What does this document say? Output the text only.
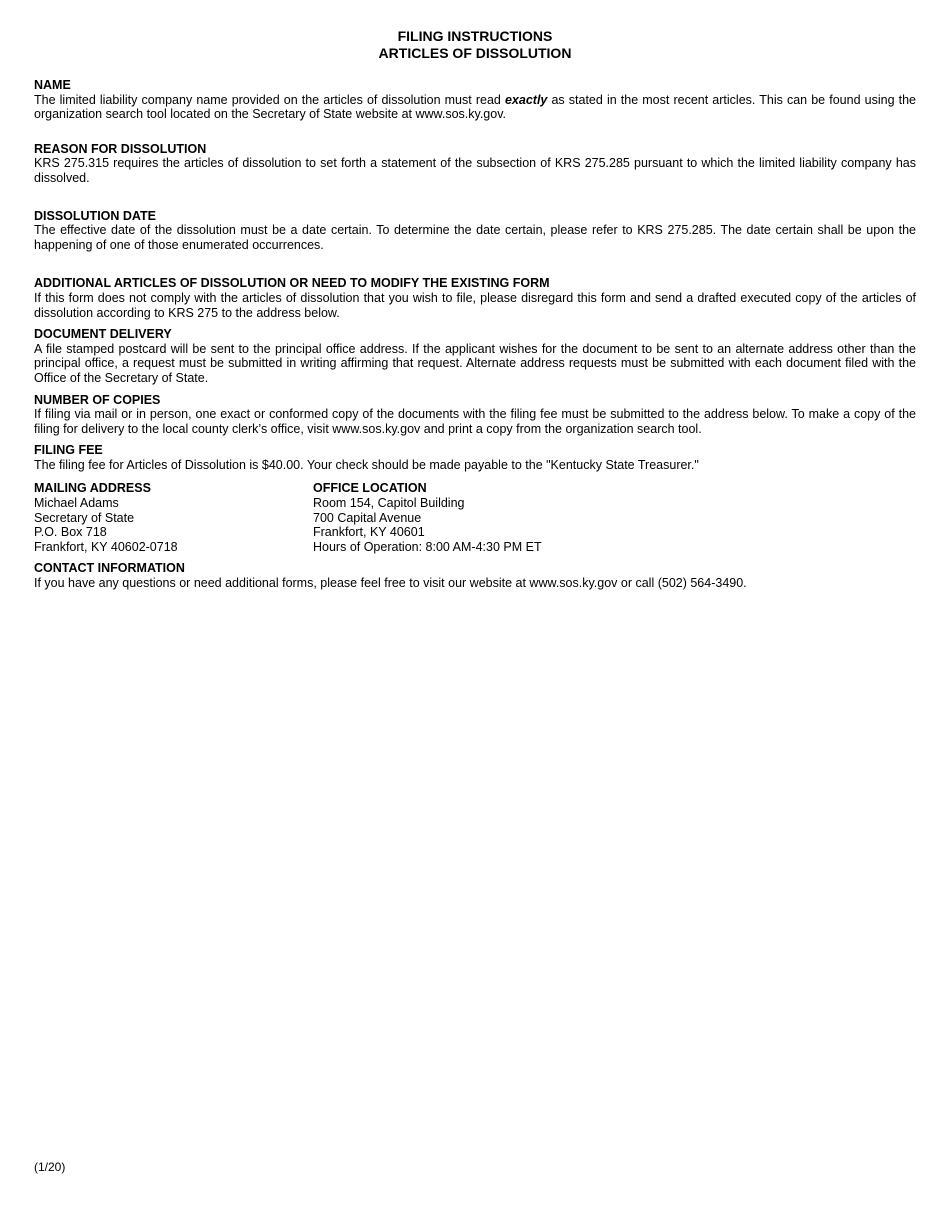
FILING INSTRUCTIONS
ARTICLES OF DISSOLUTION
NAME
The limited liability company name provided on the articles of dissolution must read exactly as stated in the most recent articles. This can be found using the organization search tool located on the Secretary of State website at www.sos.ky.gov.
REASON FOR DISSOLUTION
KRS 275.315 requires the articles of dissolution to set forth a statement of the subsection of KRS 275.285 pursuant to which the limited liability company has dissolved.
DISSOLUTION DATE
The effective date of the dissolution must be a date certain. To determine the date certain, please refer to KRS 275.285. The date certain shall be upon the happening of one of those enumerated occurrences.
ADDITIONAL ARTICLES OF DISSOLUTION OR NEED TO MODIFY THE EXISTING FORM
If this form does not comply with the articles of dissolution that you wish to file, please disregard this form and send a drafted executed copy of the articles of dissolution according to KRS 275 to the address below.
DOCUMENT DELIVERY
A file stamped postcard will be sent to the principal office address. If the applicant wishes for the document to be sent to an alternate address other than the principal office, a request must be submitted in writing affirming that request. Alternate address requests must be submitted with each document filed with the Office of the Secretary of State.
NUMBER OF COPIES
If filing via mail or in person, one exact or conformed copy of the documents with the filing fee must be submitted to the address below. To make a copy of the filing for delivery to the local county clerk’s office, visit www.sos.ky.gov and print a copy from the organization search tool.
FILING FEE
The filing fee for Articles of Dissolution is $40.00. Your check should be made payable to the "Kentucky State Treasurer."
MAILING ADDRESS
Michael Adams
Secretary of State
P.O. Box 718
Frankfort, KY 40602-0718
OFFICE LOCATION
Room 154, Capitol Building
700 Capital Avenue
Frankfort, KY 40601
Hours of Operation: 8:00 AM-4:30 PM ET
CONTACT INFORMATION
If you have any questions or need additional forms, please feel free to visit our website at www.sos.ky.gov or call (502) 564-3490.
(1/20)
